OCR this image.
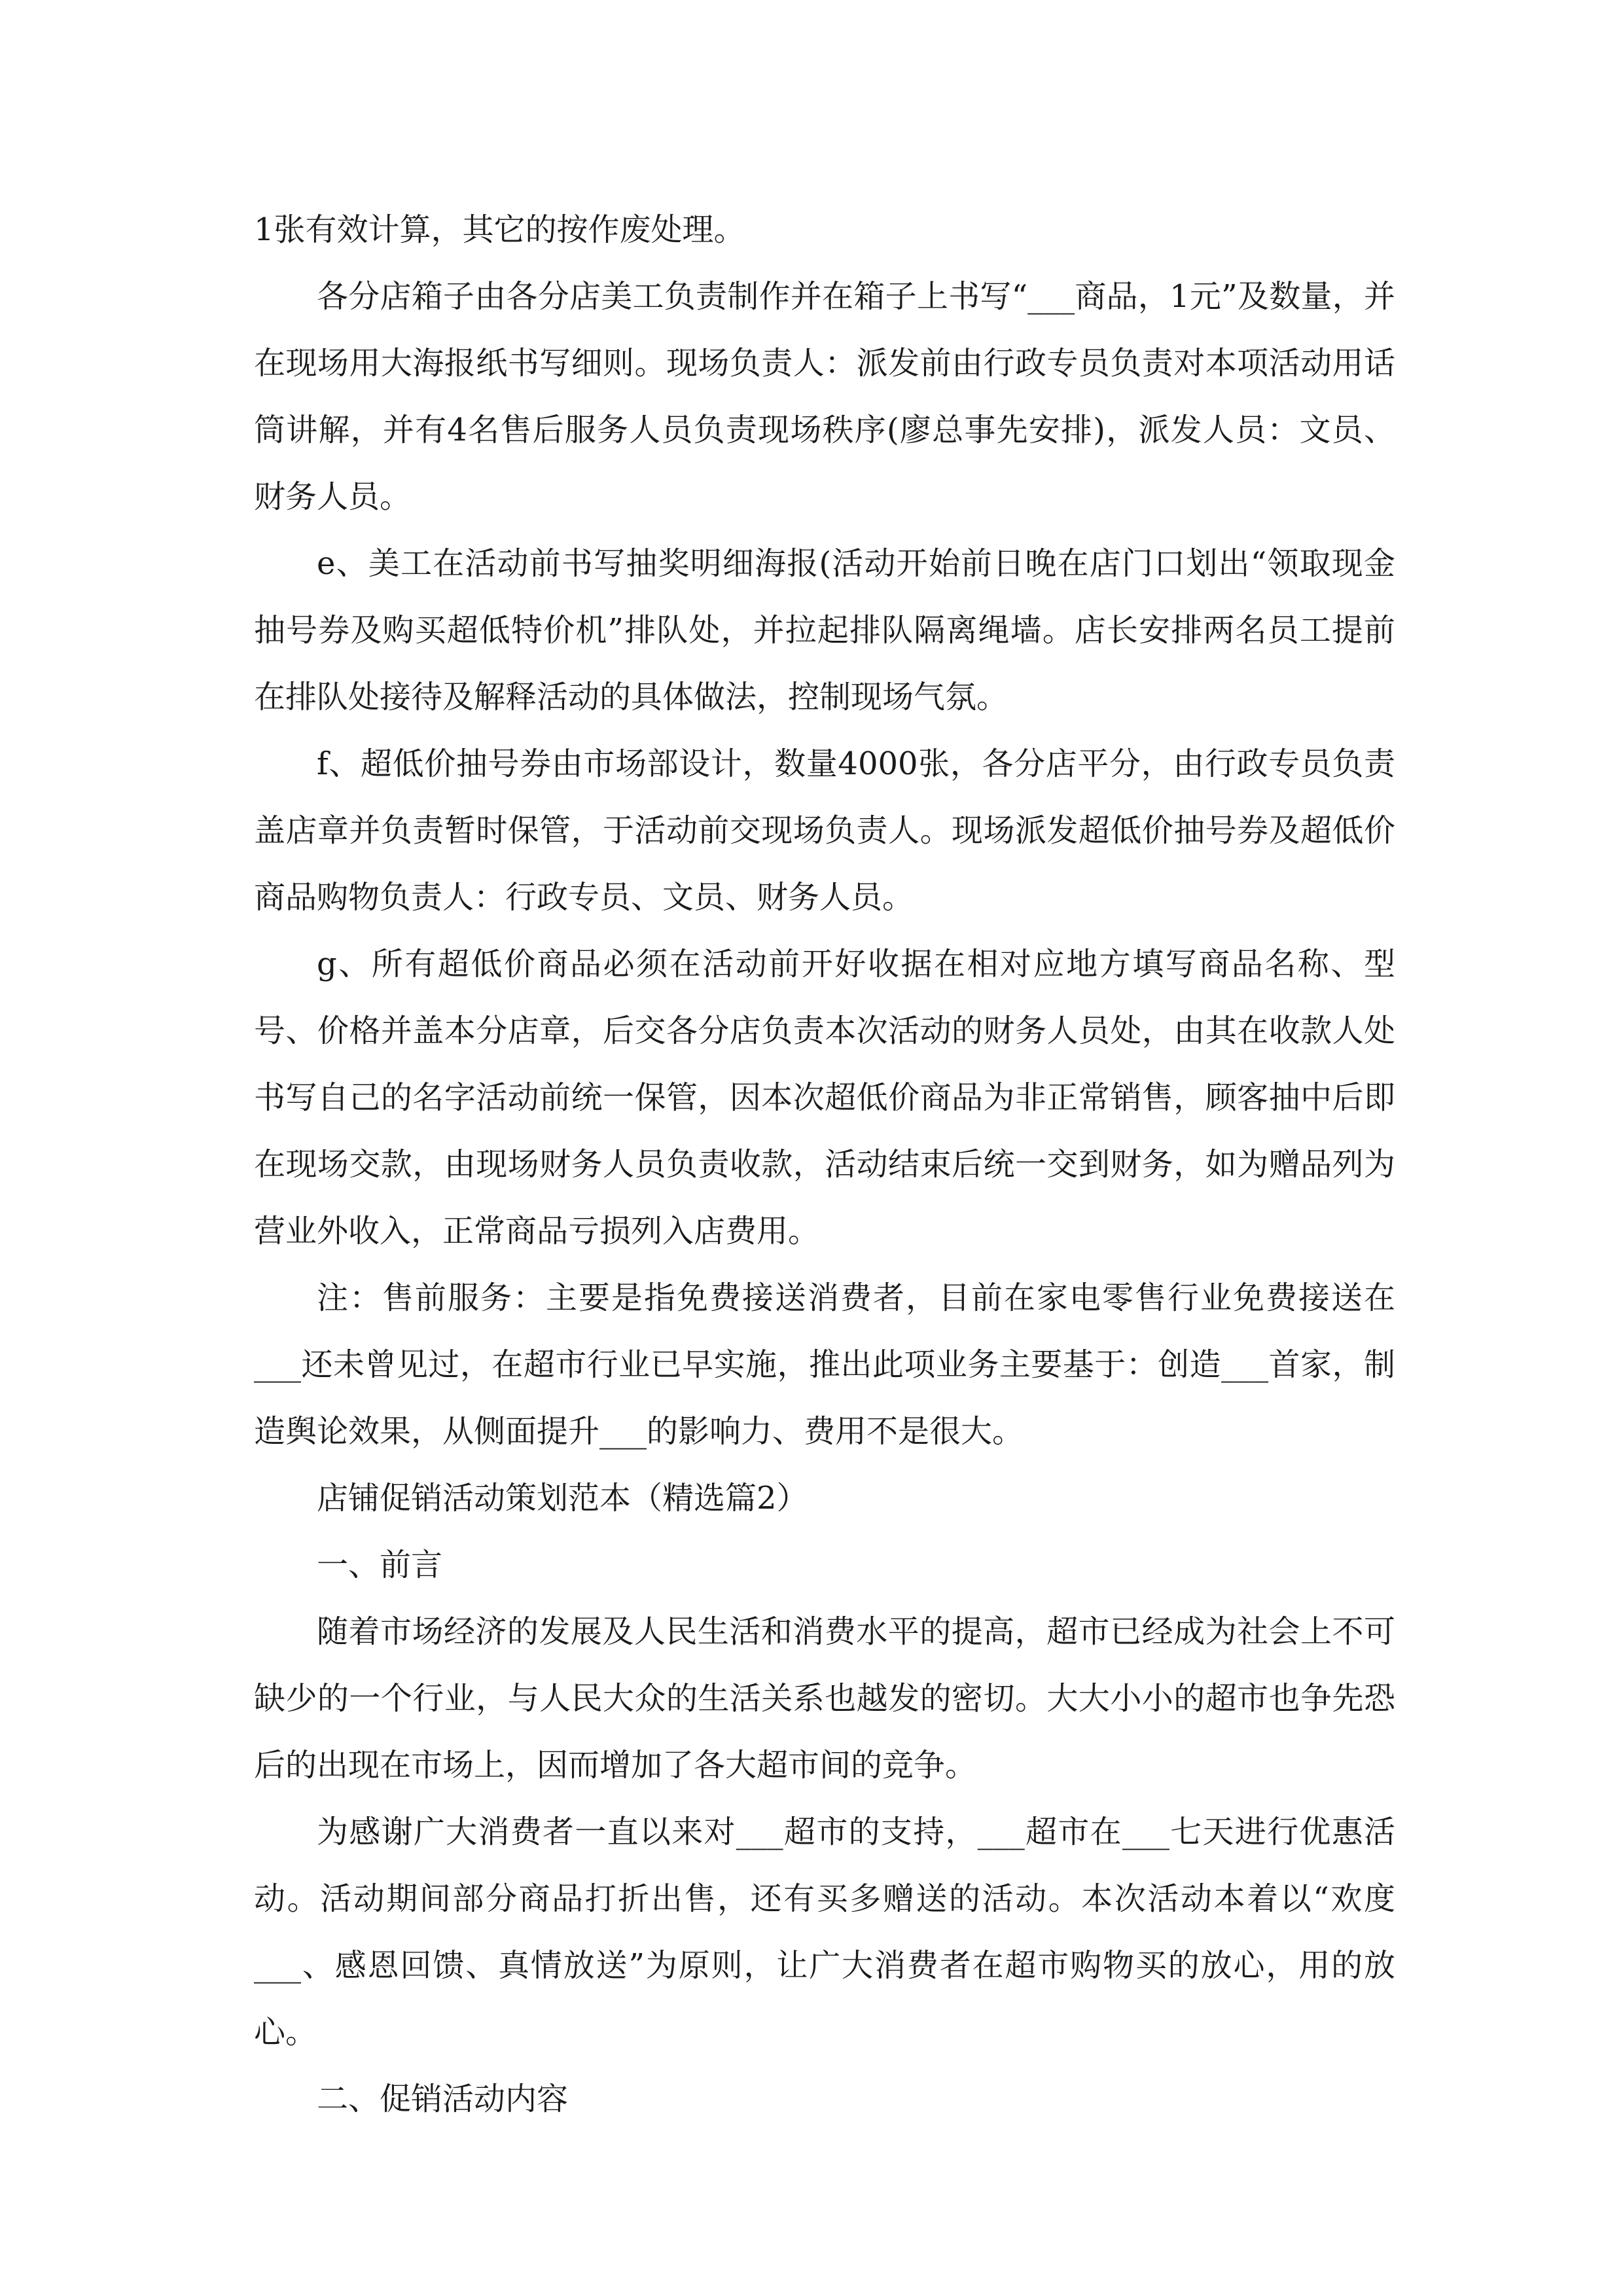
1张有效计算，其它的按作废处理。

各分店箱子由各分店美工负责制作并在箱子上书写“___商品，1元”及数量，并在现场用大海报纸书写细则。现场负责人：派发前由行政专员负责对本项活动用话筒讲解，并有4名售后服务人员负责现场秩序(廖总事先安排)，派发人员：文员、财务人员。

e、美工在活动前书写抽奖明细海报(活动开始前日晚在店门口划出“领取现金抽号券及购买超低特价机”排队处，并拉起排队隔离绳墙。店长安排两名员工提前在排队处接待及解释活动的具体做法，控制现场气氛。

f、超低价抽号券由市场部设计，数量4000张，各分店平分，由行政专员负责盖店章并负责暂时保管，于活动前交现场负责人。现场派发超低价抽号券及超低价商品购物负责人：行政专员、文员、财务人员。

g、所有超低价商品必须在活动前开好收据在相对应地方填写商品名称、型号、价格并盖本分店章，后交各分店负责本次活动的财务人员处，由其在收款人处书写自己的名字活动前统一保管，因本次超低价商品为非正常销售，顾客抽中后即在现场交款，由现场财务人员负责收款，活动结束后统一交到财务，如为赠品列为营业外收入，正常商品亏损列入店费用。

注：售前服务：主要是指免费接送消费者，目前在家电零售行业免费接送在___还未曾见过，在超市行业已早实施，推出此项业务主要基于：创造___首家，制造舆论效果，从侧面提升___的影响力、费用不是很大。

店铺促销活动策划范本（精选篇2）

一、前言

随着市场经济的发展及人民生活和消费水平的提高，超市已经成为社会上不可缺少的一个行业，与人民大众的生活关系也越发的密切。大大小小的超市也争先恐后的出现在市场上，因而增加了各大超市间的竞争。

为感谢广大消费者一直以来对___超市的支持，___超市在___七天进行优惠活动。活动期间部分商品打折出售，还有买多赠送的活动。本次活动本着以“欢度___、感恩回馈、真情放送”为原则，让广大消费者在超市购物买的放心，用的放心。

二、促销活动内容
